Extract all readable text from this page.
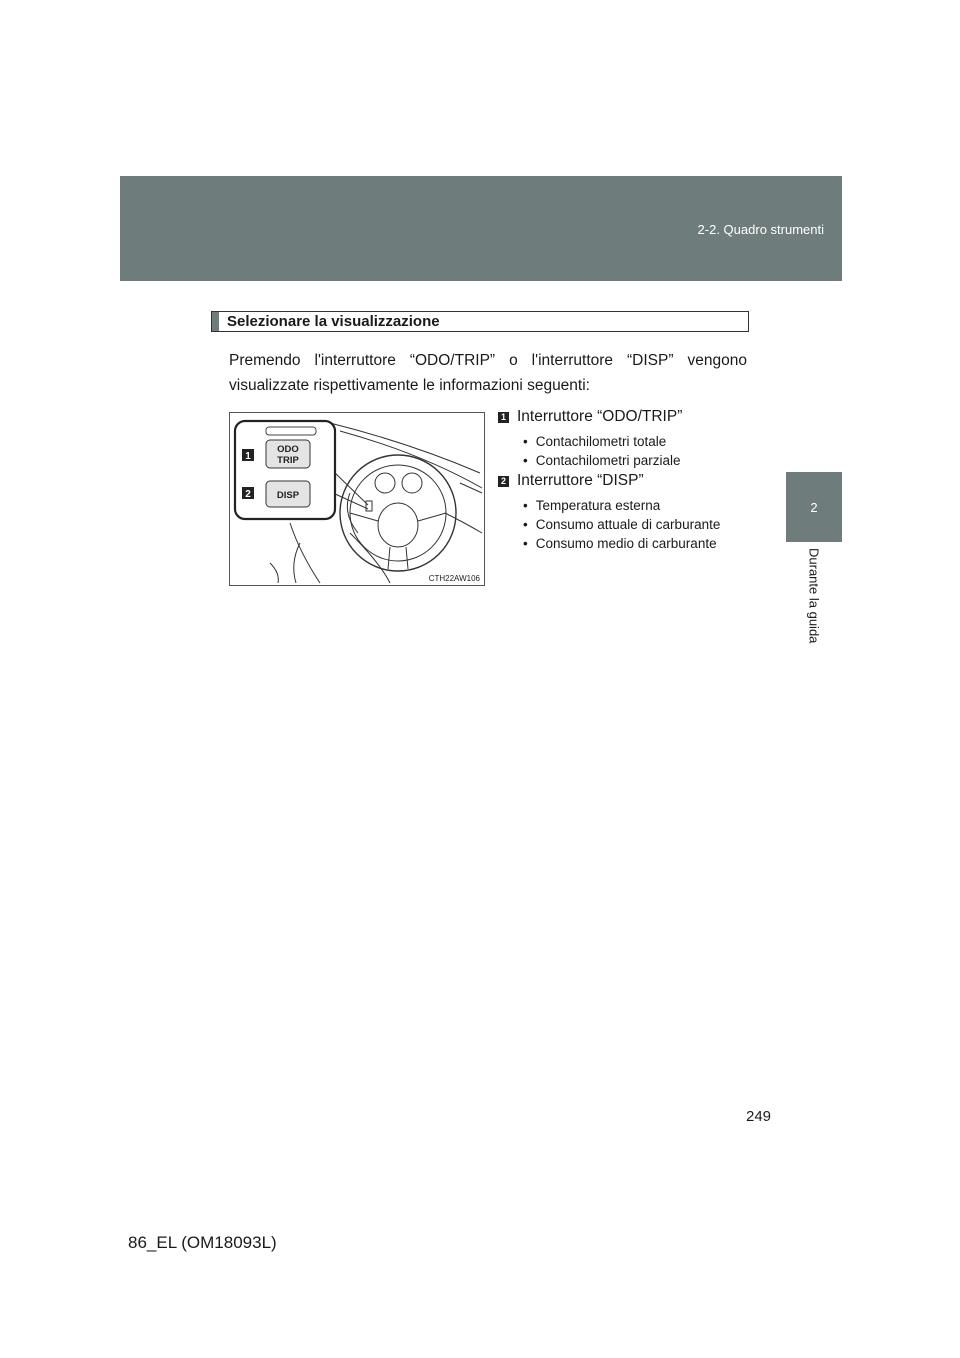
2-2. Quadro strumenti
2
Durante la guida
Selezionare la visualizzazione
Premendo l'interruttore “ODO/TRIP” o l'interruttore “DISP” vengono visualizzate rispettivamente le informazioni seguenti:
1
2
ODO
TRIP
DISP
CTH22AW106
1 Interruttore “ODO/TRIP”
• Contachilometri totale
• Contachilometri parziale
2 Interruttore “DISP”
• Temperatura esterna
• Consumo attuale di carburante
• Consumo medio di carburante
249
86_EL (OM18093L)
